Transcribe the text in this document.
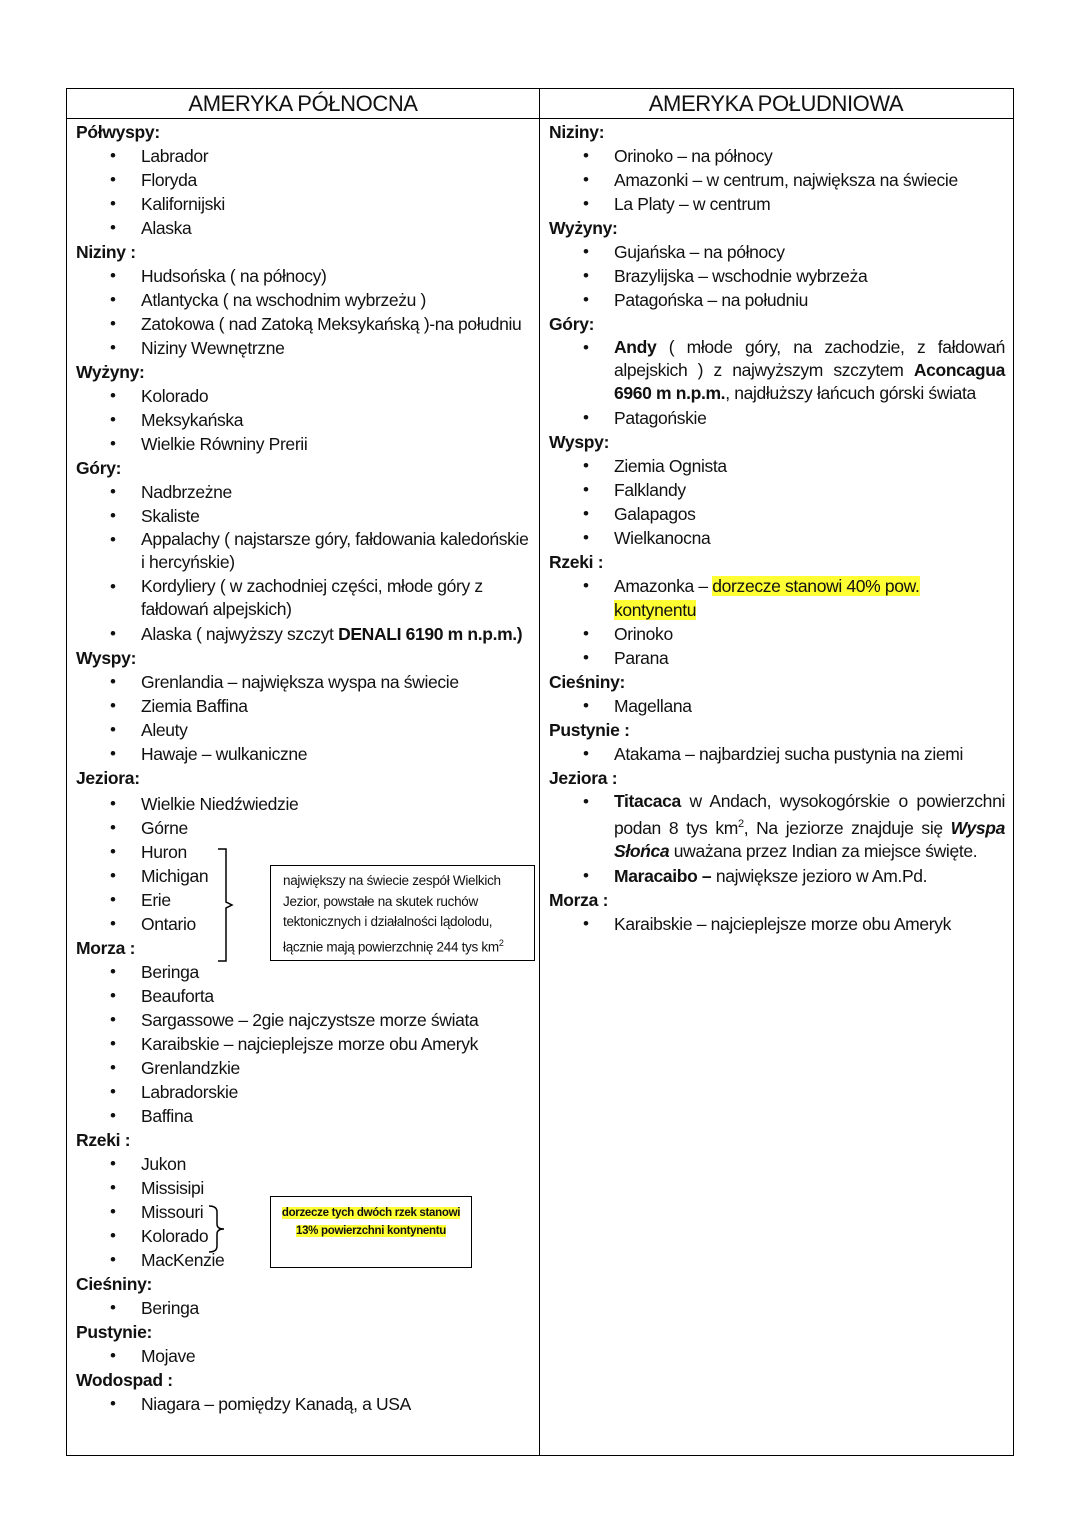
AMERYKA PÓŁNOCNA	AMERYKA POŁUDNIOWA
Półwyspy:
• Labrador
• Floryda
• Kalifornijski
• Alaska
Niziny :
• Hudsońska ( na północy)
• Atlantycka ( na wschodnim wybrzeżu )
• Zatokowa ( nad Zatoką Meksykańską )-na południu
• Niziny Wewnętrzne
Wyżyny:
• Kolorado
• Meksykańska
• Wielkie Równiny Prerii
Góry:
• Nadbrzeżne
• Skaliste
• Appalachy ( najstarsze góry, fałdowania kaledońskie i hercyńskie)
• Kordyliery ( w zachodniej części, młode góry z fałdowań alpejskich)
• Alaska ( najwyższy szczyt DENALI 6190 m n.p.m.)
Wyspy:
• Grenlandia – największa wyspa na świecie
• Ziemia Baffina
• Aleuty
• Hawaje – wulkaniczne
Jeziora:
• Wielkie Niedźwiedzie
• Górne
• Huron
• Michigan
• Erie
• Ontario
Morza :
• Beringa
• Beauforta
• Sargassowe – 2gie najczystsze morze świata
• Karaibskie – najcieplejsze morze obu Ameryk
• Grenlandzkie
• Labradorskie
• Baffina
Rzeki :
• Jukon
• Missisipi
• Missouri
• Kolorado
• MacKenzie
Cieśniny:
• Beringa
Pustynie:
• Mojave
Wodospad :
• Niagara – pomiędzy Kanadą, a USA
największy na świecie zespół Wielkich Jezior, powstałe na skutek ruchów tektonicznych i działalności lądolodu, łącznie mają powierzchnię 244 tys $km^2$
dorzecze tych dwóch rzek stanowi 13% powierzchni kontynentu
Niziny:
• Orinoko – na północy
• Amazonki – w centrum, największa na świecie
• La Platy – w centrum
Wyżyny:
• Gujańska – na północy
• Brazylijska – wschodnie wybrzeża
• Patagońska – na południu
Góry:
• Andy ( młode góry, na zachodzie, z fałdowań alpejskich ) z najwyższym szczytem Aconcagua 6960 m n.p.m., najdłuższy łańcuch górski świata
• Patagońskie
Wyspy:
• Ziemia Ognista
• Falklandy
• Galapagos
• Wielkanocna
Rzeki :
• Amazonka – dorzecze stanowi 40% pow. kontynentu
• Orinoko
• Parana
Cieśniny:
• Magellana
Pustynie :
• Atakama – najbardziej sucha pustynia na ziemi
Jeziora :
• Titacaca w Andach, wysokogórskie o powierzchni podan 8 tys $km^2$, Na jeziorze znajduje się Wyspa Słońca uważana przez Indian za miejsce święte.
• Maracaibo – największe jezioro w Am.Pd.
Morza :
• Karaibskie – najcieplejsze morze obu Ameryk
